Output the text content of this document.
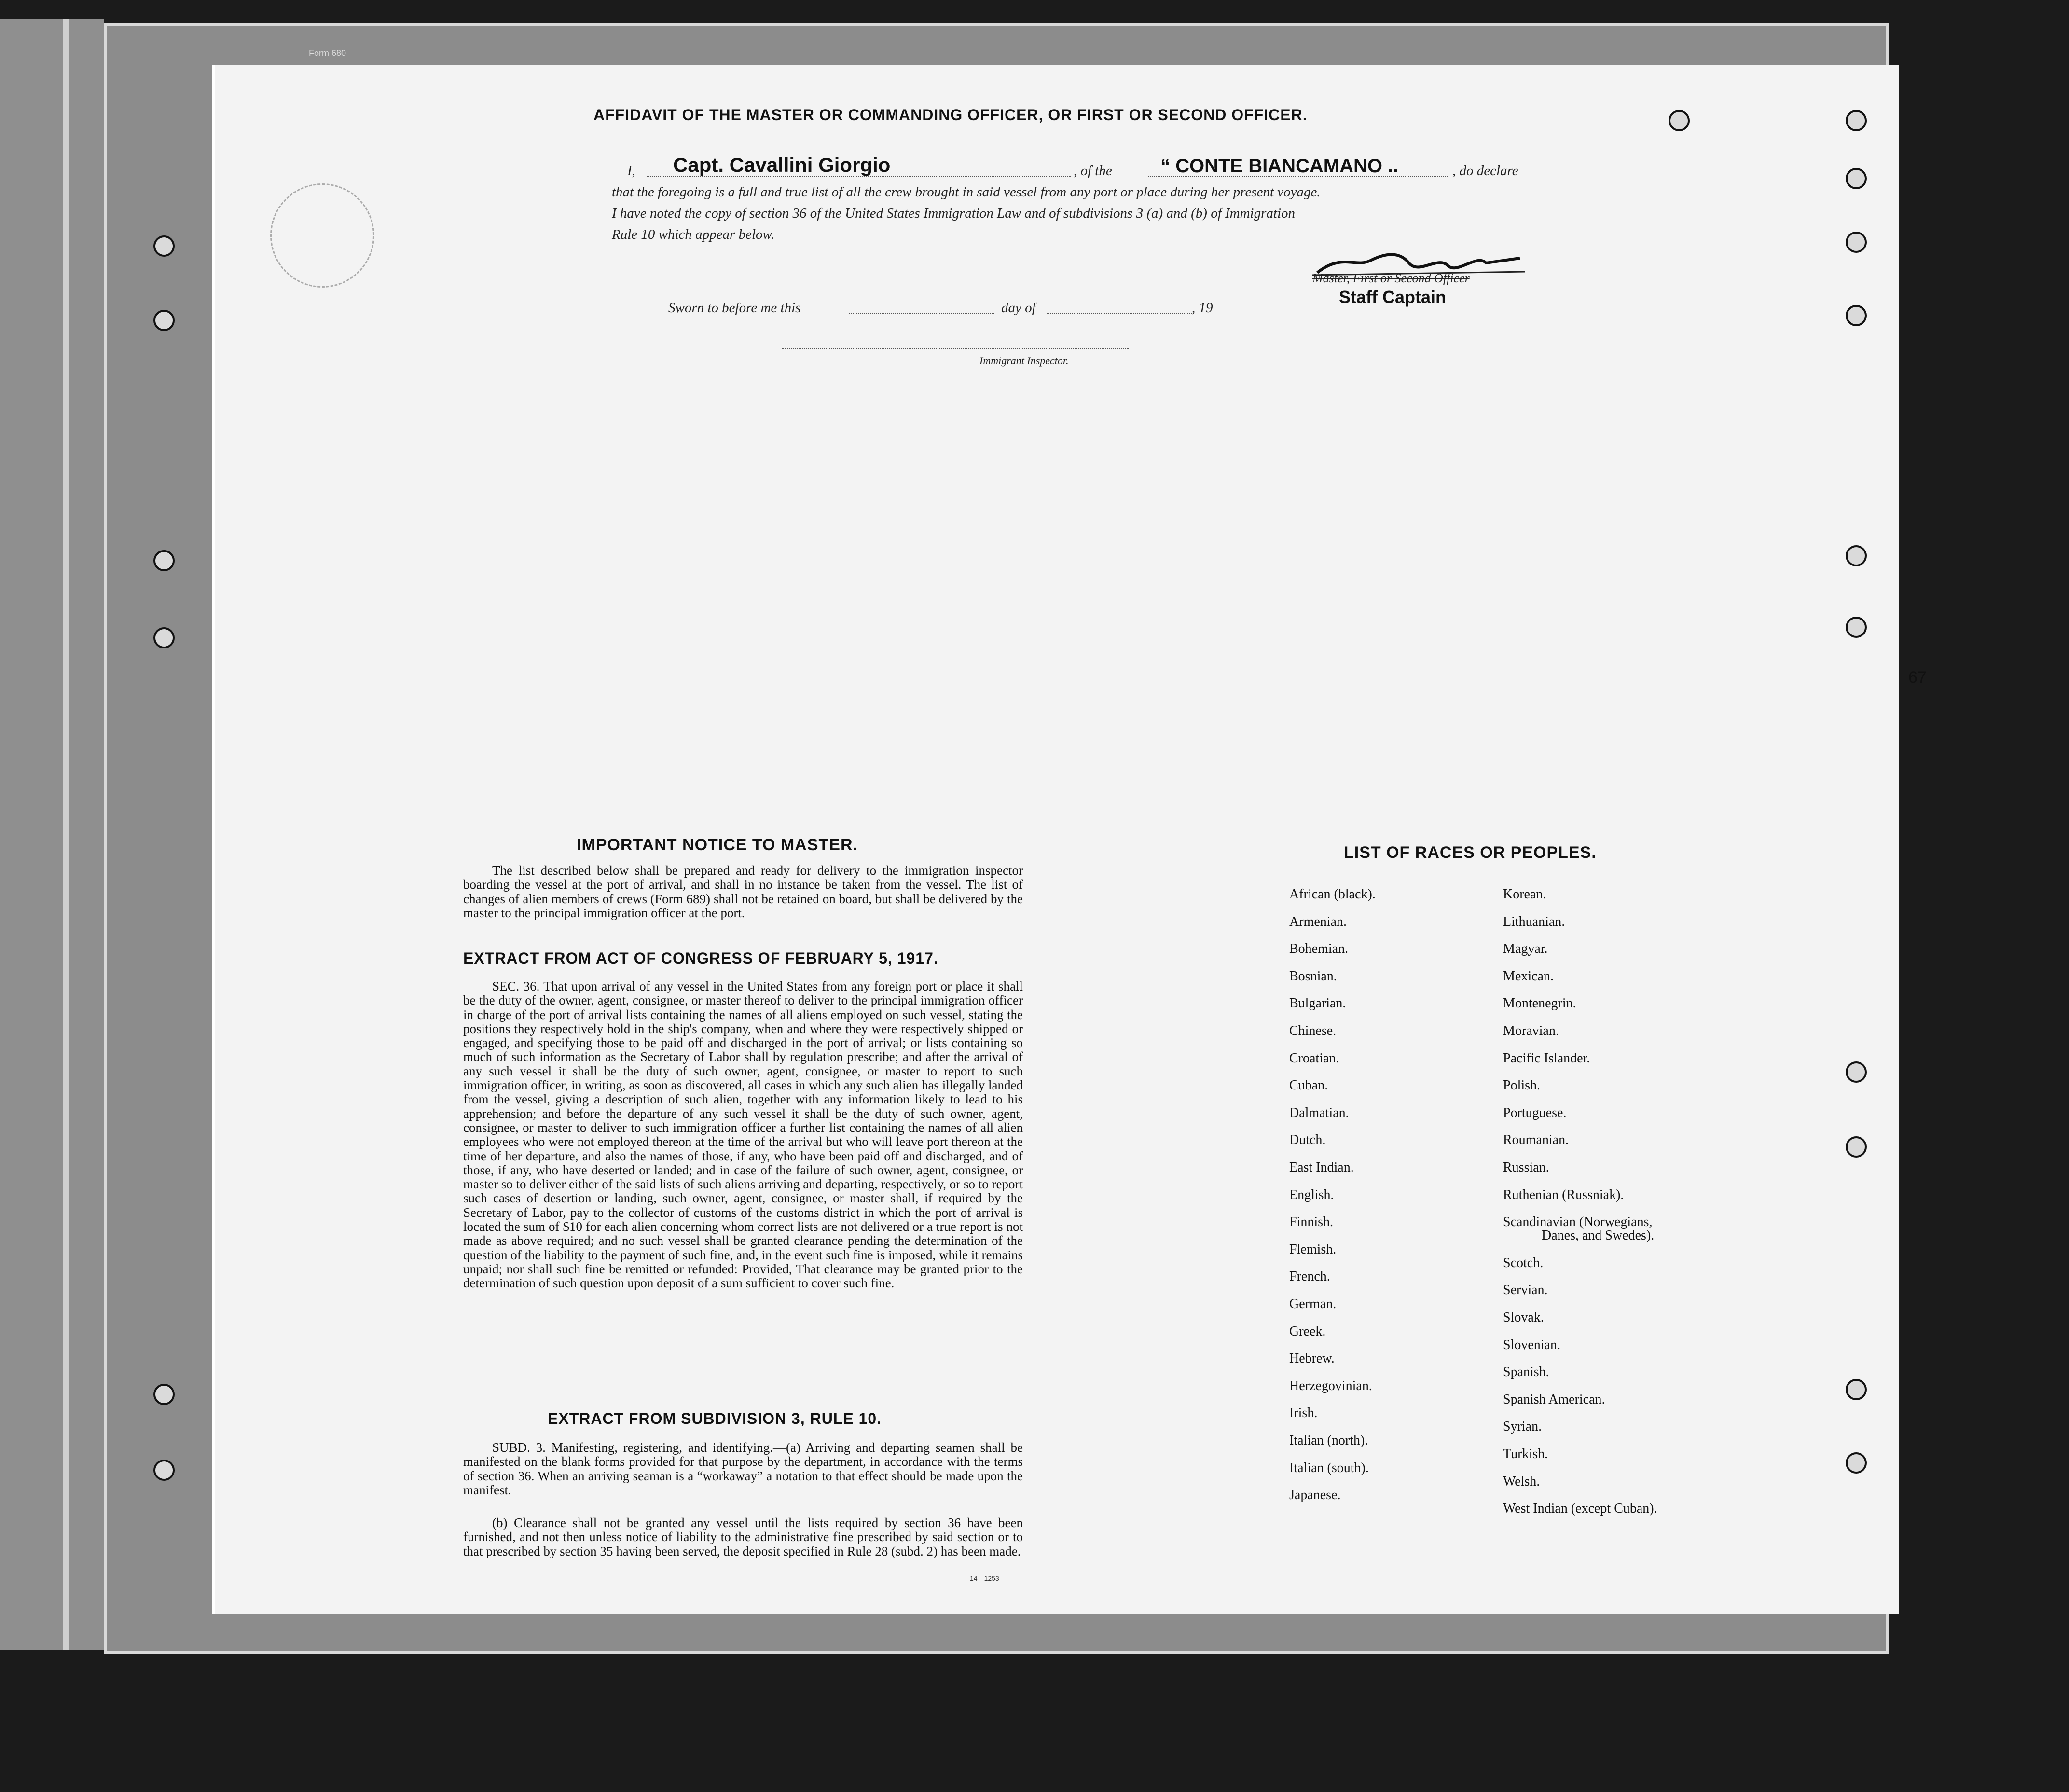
Form 680
AFFIDAVIT OF THE MASTER OR COMMANDING OFFICER, OR FIRST OR SECOND OFFICER.
I, Capt. Cavallini Giorgio	, of the	“ CONTE BIANCAMANO ..	, do declare
that the foregoing is a full and true list of all the crew brought in said vessel from any port or place during her present voyage.
I have noted the copy of section 36 of the United States Immigration Law and of subdivisions 3 (a) and (b) of Immigration
Rule 10 which appear below.
Master, First or Second Officer
Staff Captain
Sworn to before me this	day of	, 19
Immigrant Inspector.
IMPORTANT NOTICE TO MASTER.
The list described below shall be prepared and ready for delivery to the immigration inspector boarding the vessel at the port of arrival, and shall in no instance be taken from the vessel. The list of changes of alien members of crews (Form 689) shall not be retained on board, but shall be delivered by the master to the principal immigration officer at the port.
EXTRACT FROM ACT OF CONGRESS OF FEBRUARY 5, 1917.
SEC. 36. That upon arrival of any vessel in the United States from any foreign port or place it shall be the duty of the owner, agent, consignee, or master thereof to deliver to the principal immigration officer in charge of the port of arrival lists containing the names of all aliens employed on such vessel, stating the positions they respectively hold in the ship's company, when and where they were respectively shipped or engaged, and specifying those to be paid off and discharged in the port of arrival; or lists containing so much of such information as the Secretary of Labor shall by regulation prescribe; and after the arrival of any such vessel it shall be the duty of such owner, agent, consignee, or master to report to such immigration officer, in writing, as soon as discovered, all cases in which any such alien has illegally landed from the vessel, giving a description of such alien, together with any information likely to lead to his apprehension; and before the departure of any such vessel it shall be the duty of such owner, agent, consignee, or master to deliver to such immigration officer a further list containing the names of all alien employees who were not employed thereon at the time of the arrival but who will leave port thereon at the time of her departure, and also the names of those, if any, who have been paid off and discharged, and of those, if any, who have deserted or landed; and in case of the failure of such owner, agent, consignee, or master so to deliver either of the said lists of such aliens arriving and departing, respectively, or so to report such cases of desertion or landing, such owner, agent, consignee, or master shall, if required by the Secretary of Labor, pay to the collector of customs of the customs district in which the port of arrival is located the sum of $10 for each alien concerning whom correct lists are not delivered or a true report is not made as above required; and no such vessel shall be granted clearance pending the determination of the question of the liability to the payment of such fine, and, in the event such fine is imposed, while it remains unpaid; nor shall such fine be remitted or refunded: Provided, That clearance may be granted prior to the determination of such question upon deposit of a sum sufficient to cover such fine.
EXTRACT FROM SUBDIVISION 3, RULE 10.
SUBD. 3. Manifesting, registering, and identifying.—(a) Arriving and departing seamen shall be manifested on the blank forms provided for that purpose by the department, in accordance with the terms of section 36. When an arriving seaman is a “workaway” a notation to that effect should be made upon the manifest.
(b) Clearance shall not be granted any vessel until the lists required by section 36 have been furnished, and not then unless notice of liability to the administrative fine prescribed by said section or to that prescribed by section 35 having been served, the deposit specified in Rule 28 (subd. 2) has been made.
14—1253
LIST OF RACES OR PEOPLES.
African (black).
Armenian.
Bohemian.
Bosnian.
Bulgarian.
Chinese.
Croatian.
Cuban.
Dalmatian.
Dutch.
East Indian.
English.
Finnish.
Flemish.
French.
German.
Greek.
Hebrew.
Herzegovinian.
Irish.
Italian (north).
Italian (south).
Japanese.
Korean.
Lithuanian.
Magyar.
Mexican.
Montenegrin.
Moravian.
Pacific Islander.
Polish.
Portuguese.
Roumanian.
Russian.
Ruthenian (Russniak).
Scandinavian (Norwegians,
Danes, and Swedes).
Scotch.
Servian.
Slovak.
Slovenian.
Spanish.
Spanish American.
Syrian.
Turkish.
Welsh.
West Indian (except Cuban).
67
